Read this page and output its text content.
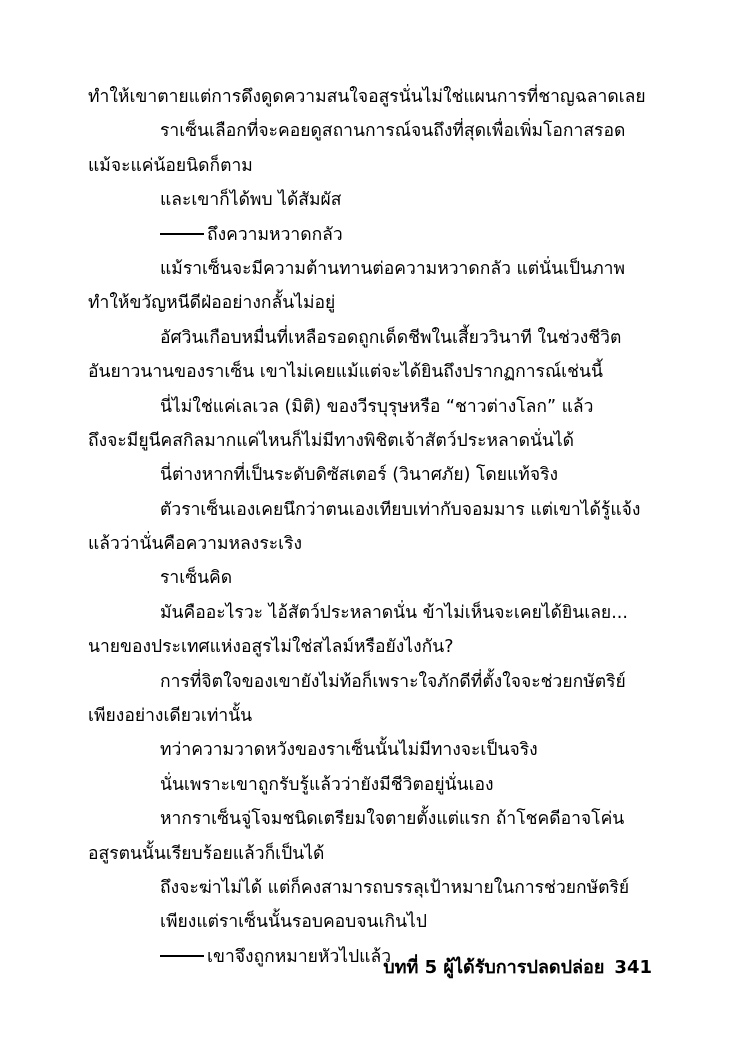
ทำให้เขาตายแต่การดึงดูดความสนใจอสูรนั่นไม่ใช่แผนการที่ชาญฉลาดเลย
ราเซ็นเลือกที่จะคอยดูสถานการณ์จนถึงที่สุดเพื่อเพิ่มโอกาสรอด
แม้จะแค่น้อยนิดก็ตาม
และเขาก็ได้พบ ได้สัมผัส
ถึงความหวาดกลัว
แม้ราเซ็นจะมีความต้านทานต่อความหวาดกลัว แต่นั่นเป็นภาพ
ทำให้ขวัญหนีดีฝ่ออย่างกลั้นไม่อยู่
อัศวินเกือบหมื่นที่เหลือรอดถูกเด็ดชีพในเสี้ยววินาที ในช่วงชีวิต
อันยาวนานของราเซ็น เขาไม่เคยแม้แต่จะได้ยินถึงปรากฏการณ์เช่นนี้
นี่ไม่ใช่แค่เลเวล (มิติ) ของวีรบุรุษหรือ “ชาวต่างโลก” แล้ว
ถึงจะมียูนีคสกิลมากแค่ไหนก็ไม่มีทางพิชิตเจ้าสัตว์ประหลาดนั่นได้
นี่ต่างหากที่เป็นระดับดิซัสเตอร์ (วินาศภัย) โดยแท้จริง
ตัวราเซ็นเองเคยนึกว่าตนเองเทียบเท่ากับจอมมาร แต่เขาได้รู้แจ้ง
แล้วว่านั่นคือความหลงระเริง
ราเซ็นคิด
มันคืออะไรวะ ไอ้สัตว์ประหลาดนั่น ข้าไม่เห็นจะเคยได้ยินเลย...
นายของประเทศแห่งอสูรไม่ใช่สไลม์หรือยังไงกัน?
การที่จิตใจของเขายังไม่ท้อก็เพราะใจภักดีที่ตั้งใจจะช่วยกษัตริย์
เพียงอย่างเดียวเท่านั้น
ทว่าความวาดหวังของราเซ็นนั้นไม่มีทางจะเป็นจริง
นั่นเพราะเขาถูกรับรู้แล้วว่ายังมีชีวิตอยู่นั่นเอง
หากราเซ็นจู่โจมชนิดเตรียมใจตายตั้งแต่แรก ถ้าโชคดีอาจโค่น
อสูรตนนั้นเรียบร้อยแล้วก็เป็นได้
ถึงจะฆ่าไม่ได้ แต่ก็คงสามารถบรรลุเป้าหมายในการช่วยกษัตริย์
เพียงแต่ราเซ็นนั้นรอบคอบจนเกินไป
เขาจึงถูกหมายหัวไปแล้ว
บทที่ 5 ผู้ได้รับการปลดปล่อย 341
